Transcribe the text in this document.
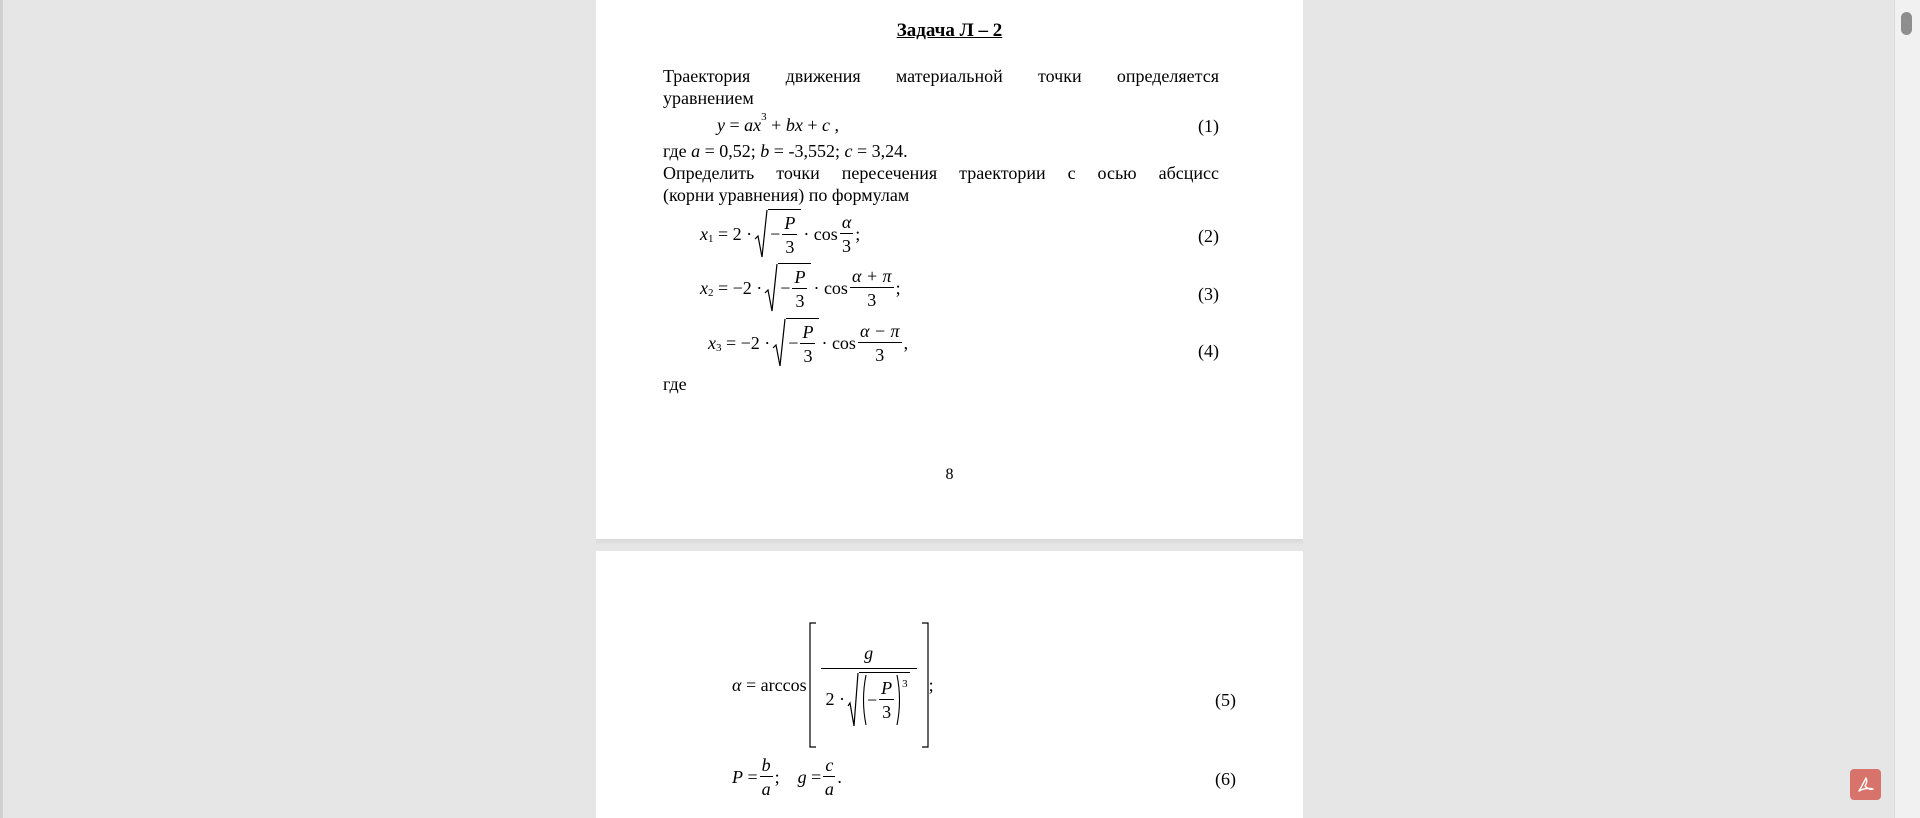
Задача Л – 2
Траектория движения материальной точки определяется
уравнением
y
=
a x 3
+
b x
+
c
,	(1)
где a = 0,52; b = -3,552; c = 3,24.
Определить точки пересечения траектории с осью абсцисс
(корни уравнения) по формулам
x 1
= 2 · − $\frac{P}{3} \cdot \cos \frac{\alpha}{3}$ ;	(2)
x 2
= −2 · − $\frac{P}{3} \cdot \cos \frac{\alpha + \pi}{3}$ ;	(3)
x 3
= −2 · − $\frac{P}{3} \cdot \cos \frac{\alpha - \pi}{3}$ ,	(4)
где
8
α
= arccos
g
2 · − $\frac{P}{3} 3$ ;
(5)
P
= $\frac{b}{a}$ ;
g
= $\frac{c}{a}$ .	(6)
